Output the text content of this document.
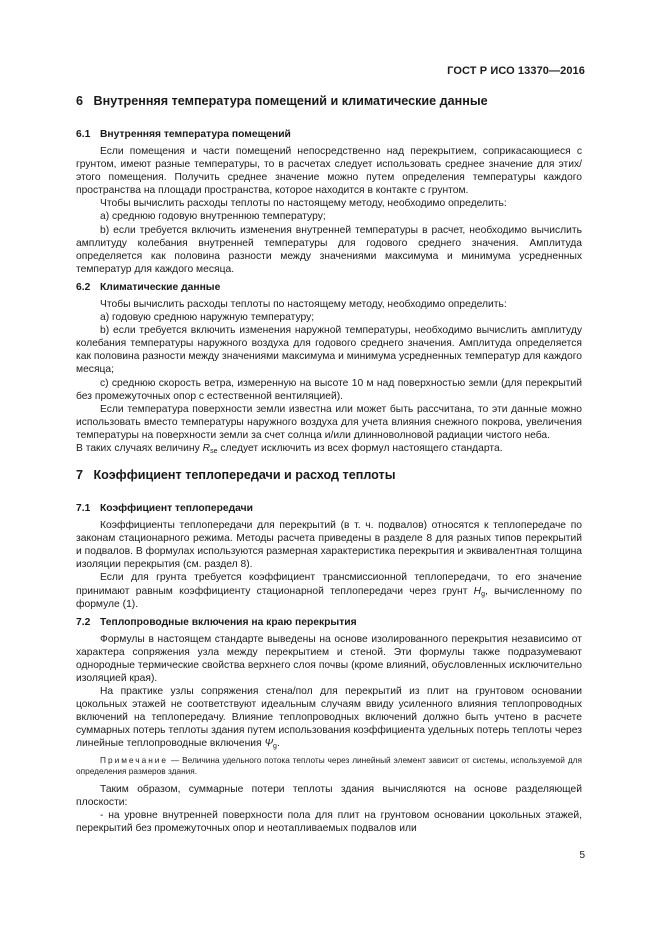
ГОСТ Р ИСО 13370—2016
6 Внутренняя температура помещений и климатические данные
6.1 Внутренняя температура помещений

Если помещения и части помещений непосредственно над перекрытием, соприкасающиеся с грунтом, имеют разные температуры, то в расчетах следует использовать среднее значение для этих/этого помещения. Получить среднее значение можно путем определения температуры каждого пространства на площади пространства, которое находится в контакте с грунтом.

Чтобы вычислить расходы теплоты по настоящему методу, необходимо определить:

a) среднюю годовую внутреннюю температуру;

b) если требуется включить изменения внутренней температуры в расчет, необходимо вычислить амплитуду колебания внутренней температуры для годового среднего значения. Амплитуда определяется как половина разности между значениями максимума и минимума усредненных температур для каждого месяца.

6.2 Климатические данные

Чтобы вычислить расходы теплоты по настоящему методу, необходимо определить:

a) годовую среднюю наружную температуру;

b) если требуется включить изменения наружной температуры, необходимо вычислить амплитуду колебания температуры наружного воздуха для годового среднего значения. Амплитуда определяется как половина разности между значениями максимума и минимума усредненных температур для каждого месяца;

c) среднюю скорость ветра, измеренную на высоте 10 м над поверхностью земли (для перекрытий без промежуточных опор с естественной вентиляцией).

Если температура поверхности земли известна или может быть рассчитана, то эти данные можно использовать вместо температуры наружного воздуха для учета влияния снежного покрова, увеличения температуры на поверхности земли за счет солнца и/или длинноволновой радиации чистого неба.

В таких случаях величину $R_{se}$ следует исключить из всех формул настоящего стандарта.

7 Коэффициент теплопередачи и расход теплоты
7.1 Коэффициент теплопередачи

Коэффициенты теплопередачи для перекрытий (в т. ч. подвалов) относятся к теплопередаче по законам стационарного режима. Методы расчета приведены в разделе 8 для разных типов перекрытий и подвалов. В формулах используются размерная характеристика перекрытия и эквивалентная толщина изоляции перекрытия (см. раздел 8).

Если для грунта требуется коэффициент трансмиссионной теплопередачи, то его значение принимают равным коэффициенту стационарной теплопередачи через грунт $H_g$, вычисленному по формуле (1).

7.2 Теплопроводные включения на краю перекрытия

Формулы в настоящем стандарте выведены на основе изолированного перекрытия независимо от характера сопряжения узла между перекрытием и стеной. Эти формулы также подразумевают однородные термические свойства верхнего слоя почвы (кроме влияний, обусловленных исключительно изоляцией края).

На практике узлы сопряжения стена/пол для перекрытий из плит на грунтовом основании цокольных этажей не соответствуют идеальным случаям ввиду усиленного влияния теплопроводных включений на теплопередачу. Влияние теплопроводных включений должно быть учтено в расчете суммарных потерь теплоты здания путем использования коэффициента удельных потерь теплоты через линейные теплопроводные включения $\Psi_g$.

Примечание — Величина удельного потока теплоты через линейный элемент зависит от системы, используемой для определения размеров здания.

Таким образом, суммарные потери теплоты здания вычисляются на основе разделяющей плоскости:

- на уровне внутренней поверхности пола для плит на грунтовом основании цокольных этажей, перекрытий без промежуточных опор и неотапливаемых подвалов или

5
